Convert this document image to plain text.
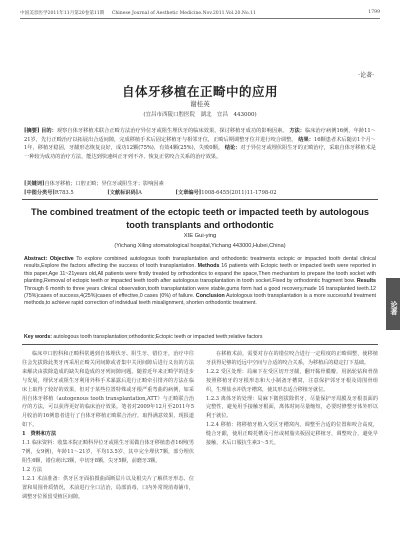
中国美容医学2011年11月第20卷第11期 Chinese Journal of Aesthetic Medicine.Nov.2011.Vol.20.No.11	1799
·论著·
自体牙移植在正畸中的应用
谢桂英
(宜昌市西陵口腔医院　湖北　宜昌　443000)
[摘要] 目的：观察自体牙移植术联合正畸方法治疗异位牙或阻生埋伏牙的临床效果，探讨移植牙成功的影响因素。 方法：临床治疗病例16例，年龄11～21岁，先行正畸治疗以拓展出合适间隙，完成移植手术后固定移植牙与相邻牙位，正畸后期调整牙位并进行咬合调整。 结果：16颗患者术后随访1个月～1年，移植牙稳固，牙龈形态恢复良好，成功12颗(75%)，有效4颗(25%)，失败0颗。 结论：对于异位牙或埋伏阻生牙的正畸治疗，采取自体牙移植术是一种较为成功的治疗方法，能达到快速纠正牙列不齐、恢复正常咬合关系的治疗效果。
[关键词]自体牙移植；口腔正畸；异位牙或阻生牙；影响因素
[中图分类号]R783.5	[文献标识码]A	[文章编号]1008-6455(2011)11-1798-02
The combined treatment of the ectopic teeth or impacted teeth by autologous tooth transplants and orthodontic
XIE Gui-ying
(Yichang Xiling stomatological hospital,Yichang 443000,Hubei,China)
Abstract: Objective To explore combined autologous tooth transplantation and orthodontic treatments ectopic or impacted tooth dental clinical results,Explore the factors affecting the success of tooth transplantation. Methods 16 patients with Ectopic teeth or impacted teeth were reported in this paper,Age 11~21years old,All patients were firstly treated by orthodontics to expand the space,Then mechanism to prepare the tooth socket with planting,Removal of ectopic teeth or impacted teeth tooth after autologous transplantation in tooth socket.Fixed by orthodontic fragment bow. Results Through 6 month to three years clinical observation,tooth transplantation were stable,gums form had a good recovery,made 16 transplanted teeth.12 (75%)cases of success,4(25%)cases of effective,0 cases (0%) of failure. Conclusion Autologous tooth transplantation is a more successful treatment methods,to achieve rapid correction of individual teeth misalignment, shorten orthodontic treatment.
Key words: autologous tooth transplantation;orthodontic;Ectopic teeth or impacted teeth;relative factors

临床中口腔科和正畸科常遇到自体埋伏牙、阻生牙、错位牙，治疗中往往会先拔除此类牙再采用正畸关闭间隙或者集中关闭间隙后进行义齿的方法来解决由拔除造成的缺失和造成的牙列间隙问题。随着近年来正畸学的进步与发展，埋伏牙或阻生牙利用外科手术暴露后进行正畸牵引排齐的方法在临床上取得了较好的效果，但对于某些位置特殊或牙根严重弯曲的病例，如采用自体牙移植（autogenous tooth transplantation,ATT）与正畸联合治疗的方法，可以获得更好的临床治疗效果。笔者对2009年12月至2011年5月收治的16例患者进行了自体牙移植正畸联合治疗，取得满意效果，现报道如下。

1　资料和方法

1.1 临床资料：收集本院正畸科异位牙或阻生牙需做自体牙移植患者16例(男7例，女9例)，年龄11～21岁，平均13.5岁，其中完全埋伏7颗，部分埋伏阻生6颗，错位萌出3颗，中切牙8颗，尖牙5颗，前磨牙3颗。

1.2 方法

1.2.1 术前准备：供牙区牙面拍摄曲面断层片以及根尖片了解供牙形态、位置和周围骨质情况，术前进行全口洁治，局部消毒，口内外常规消毒铺巾，调整牙位预留受植区间隙。

在移植术前，需要对存在的错位咬合进行一定程度的正畸调整，使移植牙获得足够的近远中空间与合适的咬合关系，为移植后的稳定打下基础。

1.2.2 受区处理：局麻下在受区切开牙龈，翻开黏骨膜瓣，用涡轮钻和骨凿按照移植牙的牙根形态和大小制备牙槽窝，注意保护邻牙牙根及周围骨组织，生理盐水冲洗牙槽窝，使其形态适合移植牙就位。

1.2.3 离体牙的处理：局麻下微创拔除供牙，尽量保护牙周膜及牙根表面的完整性，避免用手接触牙根面，离体时间尽量缩短，必要时修整牙体外形以利于就位。

1.2.4 移植：将移植牙植入受区牙槽窝内，调整至合适的位置和咬合高度，缝合牙龈，使用正畸托槽及弓丝或树脂夹板固定移植牙，调整咬合，避免早接触，术后口服抗生素3～5天。

论著
